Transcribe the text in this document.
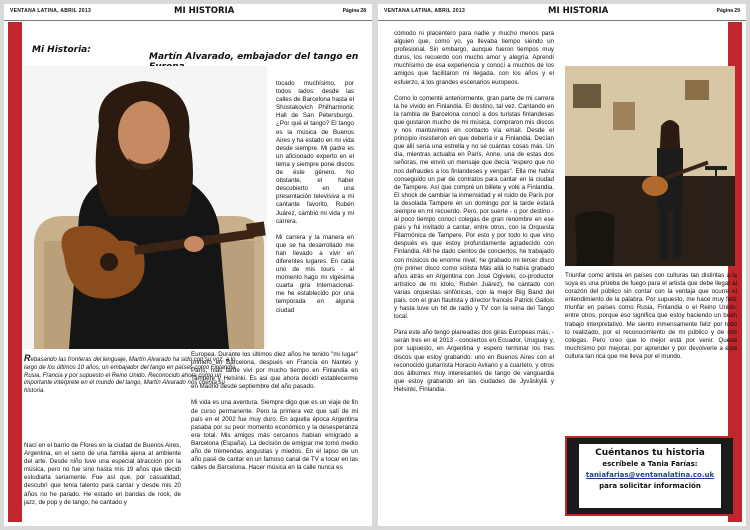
VENTANA LATINA, ABRIL 2013	MI HISTORIA	Página 28
Mi Historia:
Martín Alvarado, embajador del tango en
Rebasando las fronteras del lenguaje, Martín Alvarado ha sido con su voz, a lo largo de los últimos 10 años, un embajador del tango en países como Finlandia, Rusia, Francia y por supuesto el Reino Unido. Reconocido ahora como un importante intérprete en el mundo del tango, Martín Alvarado nos cuenta su historia.

tocado muchísimo, por todos lados: desde las calles de Barcelona hasta el Shostakovich Philharmonic Hall de San Petersburgo. ¿Por qué el tango? El tango es la música de Buenos Aires y ha estado en mi vida desde siempre. Mi padre es un aficionado experto en el tema y siempre pone discos de éste género. No obstante, el haber descubierto en una presentación televisiva a mi cantante favorito, Rubén Juárez, cambió mi vida y mi carrera.

Mi carrera y la manera en que se ha desarrollado me han llevado a vivir en diferentes lugares. En cada uno de mis tours - al momento hago mi vigésima cuarta gira Internacional- me he establecido por una temporada en alguna ciudad

Nací en el barrio de Flores en la ciudad de Buenos Aires, Argentina, en el seno de una familia ajena al ambiente del arte. Desde niño tuve una especial atracción por la música, pero no fue sino hasta mis 19 años que decidí estudiarla seriamente. Fue así que, por casualidad, descubrí que tenía talento para cantar y desde mis 20 años no he parado. He estado en bandas de rock, de jazz, de pop y de tango, he cantado y

Europea. Durante los últimos diez años he tenido "mi lugar" primero en Barcelona, después en Francia en Nantes y París, más tarde viví por mucho tiempo en Finlandia en Tampere y Helsinki. Es así que ahora decidí establecerme en Madrid desde septiembre del año pasado.

Mi vida es una aventura. Siempre digo que es un viaje de fin de curso permanente. Pero la primera vez que salí de mi país en el 2002 fue muy duro. En aquella época Argentina pasaba por su peor momento económico y la desesperanza era total. Mis amigos más cercanos habían emigrado a Barcelona (España). La decisión de emigrar me tomó medio año de tremendas angustias y miedos. En el lapso de un año pasé de cantar en un famoso canal de TV a tocar en las calles de Barcelona. Hacer música en la calle nunca es

VENTANA LATINA, ABRIL 2013	MI HISTORIA	Página 29

cómodo ni placentero para nadie y mucho menos para alguien que, como yo, ya llevaba tiempo siendo un profesional. Sin embargo, aunque fueron tiempos muy duros, los recuerdo con mucho amor y alegría. Aprendí muchísimo de esa experiencia y conocí a muchos de los amigos que facilitaron mi llegada, con los años y el esfuerzo, a los grandes escenarios europeos.

Como lo comenté anteriormente, gran parte de mi carrera la he vivido en Finlandia. El destino, tal vez. Cantando en la rambla de Barcelona conocí a dos turistas finlandesas que gustaron mucho de mi música, compraron mis discos y nos mantuvimos en contacto vía email. Desde el principio insistieron en que debería ir a Finlandia. Decían que allí sería una estrella y no sé cuántas cosas más. Un día, mientras actuaba en París, Anne, una de estas dos señoras, me envió un mensaje que decía "espero que no nos defraudes a los finlandeses y vengas". Ella me había conseguido un par de contratos para cantar en la ciudad de Tampere. Así que compré un billete y volé a Finlandia. El shock de cambiar la inmensidad y el ruido de París por la desolada Tampere en un domingo por la tarde estará siempre en mi recuerdo. Pero, por suerte - o por destino - al poco tiempo conocí colegas de gran renombre en ese país y fui invitado a cantar, entre otros, con la Orquesta Filarmónica de Tampere. Por esto y por todo lo que vino después es que estoy profundamente agradecido con Finlandia. Allí he dado cientos de conciertos, he trabajado con músicos de enorme nivel, he grabado mi tercer disco (mi primer disco como solista Más allá lo había grabado años atrás en Argentina con José Ogivieki, co-productor artístico de mi ídolo, Rubén Juárez), he cantado con varias orquestas sinfónicas, con la mejor Big Band del país, con el gran flautista y director francés Patrick Gallois y hasta tuve un hit de radio y TV con la reina del Tango local.

Para este año tengo planeadas dos giras Europeas más, - serán tres en el 2013 - conciertos en Ecuador, Uruguay y, por supuesto, en Argentina y espero terminar los tres discos que estoy grabando: uno en Buenos Aires con el reconocido guitarrista Horacio Avilano y a cuarteto, y otros dos álbumes muy interesantes de tango de vanguardia que estoy grabando en las ciudades de Jyväskylä y Helsinki, Finlandia.

Triunfar como artista en países con culturas tan distintas a la suya es una prueba de fuego para el artista que debe llegar al corazón del público sin contar con la ventaja que ocurre el entendimiento de la palabra. Por supuesto, me hace muy feliz triunfar en países como Rusia, Finlandia o el Reino Unido, entre otros, porque eso significa que estoy haciendo un buen trabajo interpretativo. Me siento inmensamente feliz por todo lo realizado, por el reconocimiento de mi público y de mis colegas. Pero creo que lo mejor está por venir. Queda muchísimo por mejorar, por aprender y por devolverle a ésta cultura tan rica que me lleva por el mundo.

Cuéntanos tu historia
escríbele a Tania Farías:
taniafarias@ventanalatina.co.uk
para solicitar información
